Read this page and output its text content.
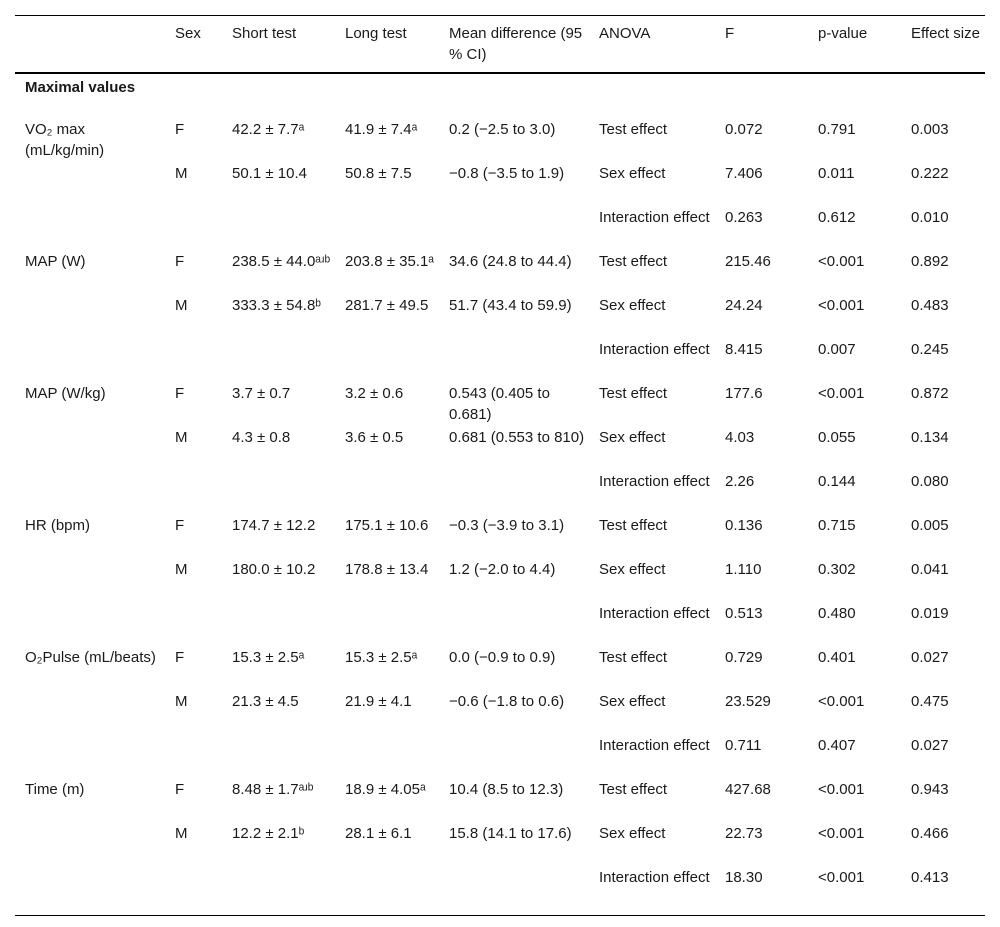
	Sex	Short test	Long test	Mean difference (95 % CI)	ANOVA	F	p-value	Effect size
Maximal values								
VO₂ max (mL/kg/min)	F	42.2 ± 7.7ᵃ	41.9 ± 7.4ᵃ	0.2 (−2.5 to 3.0)	Test effect	0.072	0.791	0.003
	M	50.1 ± 10.4	50.8 ± 7.5	−0.8 (−3.5 to 1.9)	Sex effect	7.406	0.011	0.222
					Interaction effect	0.263	0.612	0.010
MAP (W)	F	238.5 ± 44.0ᵃʴᵇ	203.8 ± 35.1ᵃ	34.6 (24.8 to 44.4)	Test effect	215.46	<0.001	0.892
	M	333.3 ± 54.8ᵇ	281.7 ± 49.5	51.7 (43.4 to 59.9)	Sex effect	24.24	<0.001	0.483
					Interaction effect	8.415	0.007	0.245
MAP (W/kg)	F	3.7 ± 0.7	3.2 ± 0.6	0.543 (0.405 to 0.681)	Test effect	177.6	<0.001	0.872
	M	4.3 ± 0.8	3.6 ± 0.5	0.681 (0.553 to 810)	Sex effect	4.03	0.055	0.134
					Interaction effect	2.26	0.144	0.080
HR (bpm)	F	174.7 ± 12.2	175.1 ± 10.6	−0.3 (−3.9 to 3.1)	Test effect	0.136	0.715	0.005
	M	180.0 ± 10.2	178.8 ± 13.4	1.2 (−2.0 to 4.4)	Sex effect	1.110	0.302	0.041
					Interaction effect	0.513	0.480	0.019
O₂Pulse (mL/beats)	F	15.3 ± 2.5ᵃ	15.3 ± 2.5ᵃ	0.0 (−0.9 to 0.9)	Test effect	0.729	0.401	0.027
	M	21.3 ± 4.5	21.9 ± 4.1	−0.6 (−1.8 to 0.6)	Sex effect	23.529	<0.001	0.475
					Interaction effect	0.711	0.407	0.027
Time (m)	F	8.48 ± 1.7ᵃʴᵇ	18.9 ± 4.05ᵃ	10.4 (8.5 to 12.3)	Test effect	427.68	<0.001	0.943
	M	12.2 ± 2.1ᵇ	28.1 ± 6.1	15.8 (14.1 to 17.6)	Sex effect	22.73	<0.001	0.466
					Interaction effect	18.30	<0.001	0.413
